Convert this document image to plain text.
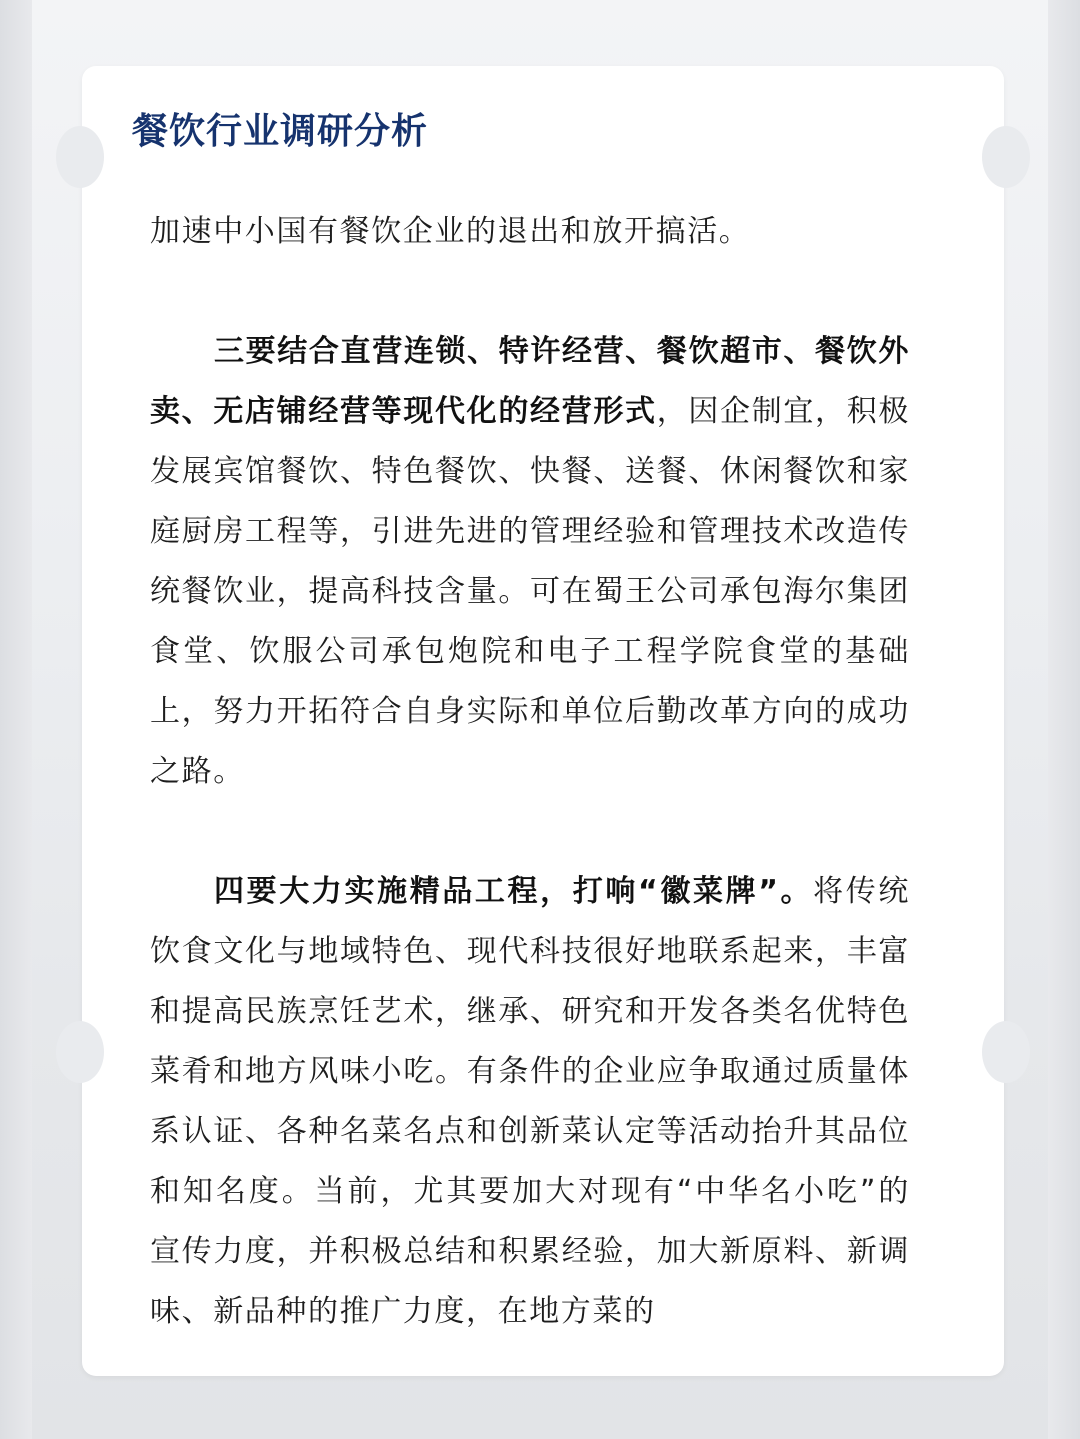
餐饮行业调研分析

加速中小国有餐饮企业的退出和放开搞活。

三要结合直营连锁、特许经营、餐饮超市、餐饮外卖、无店铺经营等现代化的经营形式，因企制宜，积极发展宾馆餐饮、特色餐饮、快餐、送餐、休闲餐饮和家庭厨房工程等，引进先进的管理经验和管理技术改造传统餐饮业，提高科技含量。可在蜀王公司承包海尔集团食堂、饮服公司承包炮院和电子工程学院食堂的基础上，努力开拓符合自身实际和单位后勤改革方向的成功之路。

四要大力实施精品工程，打响“徽菜牌”。将传统饮食文化与地域特色、现代科技很好地联系起来，丰富和提高民族烹饪艺术，继承、研究和开发各类名优特色菜肴和地方风味小吃。有条件的企业应争取通过质量体系认证、各种名菜名点和创新菜认定等活动抬升其品位和知名度。当前，尤其要加大对现有“中华名小吃”的宣传力度，并积极总结和积累经验，加大新原料、新调味、新品种的推广力度，在地方菜的
